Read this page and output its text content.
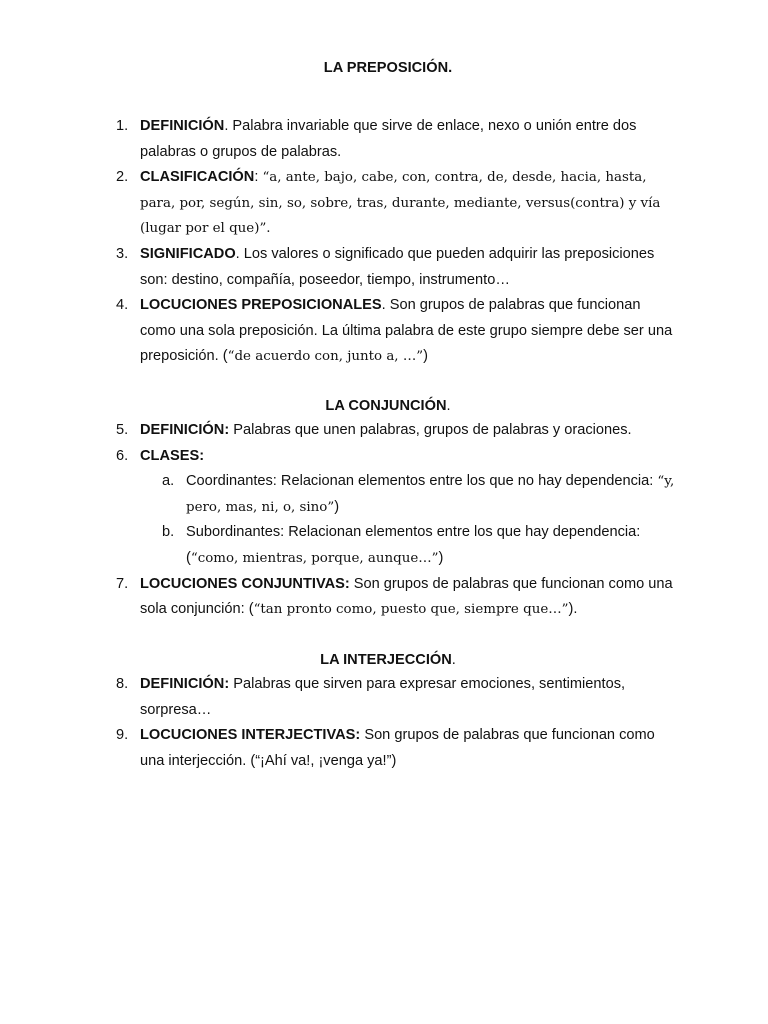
LA PREPOSICIÓN.
1. DEFINICIÓN. Palabra invariable que sirve de enlace, nexo o unión entre dos palabras o grupos de palabras.
2. CLASIFICACIÓN: “a, ante, bajo, cabe, con, contra, de, desde, hacia, hasta, para, por, según, sin, so, sobre, tras, durante, mediante, versus(contra) y vía (lugar por el que)”.
3. SIGNIFICADO. Los valores o significado que pueden adquirir las preposiciones son: destino, compañía, poseedor, tiempo, instrumento…
4. LOCUCIONES PREPOSICIONALES. Son grupos de palabras que funcionan como una sola preposición. La última palabra de este grupo siempre debe ser una preposición. (“de acuerdo con, junto a, …”)
LA CONJUNCIÓN.
5. DEFINICIÓN: Palabras que unen palabras, grupos de palabras y oraciones.
6. CLASES:
a. Coordinantes: Relacionan elementos entre los que no hay dependencia: “y, pero, mas, ni, o, sino”)
b. Subordinantes: Relacionan elementos entre los que hay dependencia: (“como, mientras, porque, aunque…”)
7. LOCUCIONES CONJUNTIVAS: Son grupos de palabras que funcionan como una sola conjunción: (“tan pronto como, puesto que, siempre que…”).
LA INTERJECCIÓN.
8. DEFINICIÓN: Palabras que sirven para expresar emociones, sentimientos, sorpresa…
9. LOCUCIONES INTERJECTIVAS: Son grupos de palabras que funcionan como una interjección. (“¡Ahí va!, ¡venga ya!”)
